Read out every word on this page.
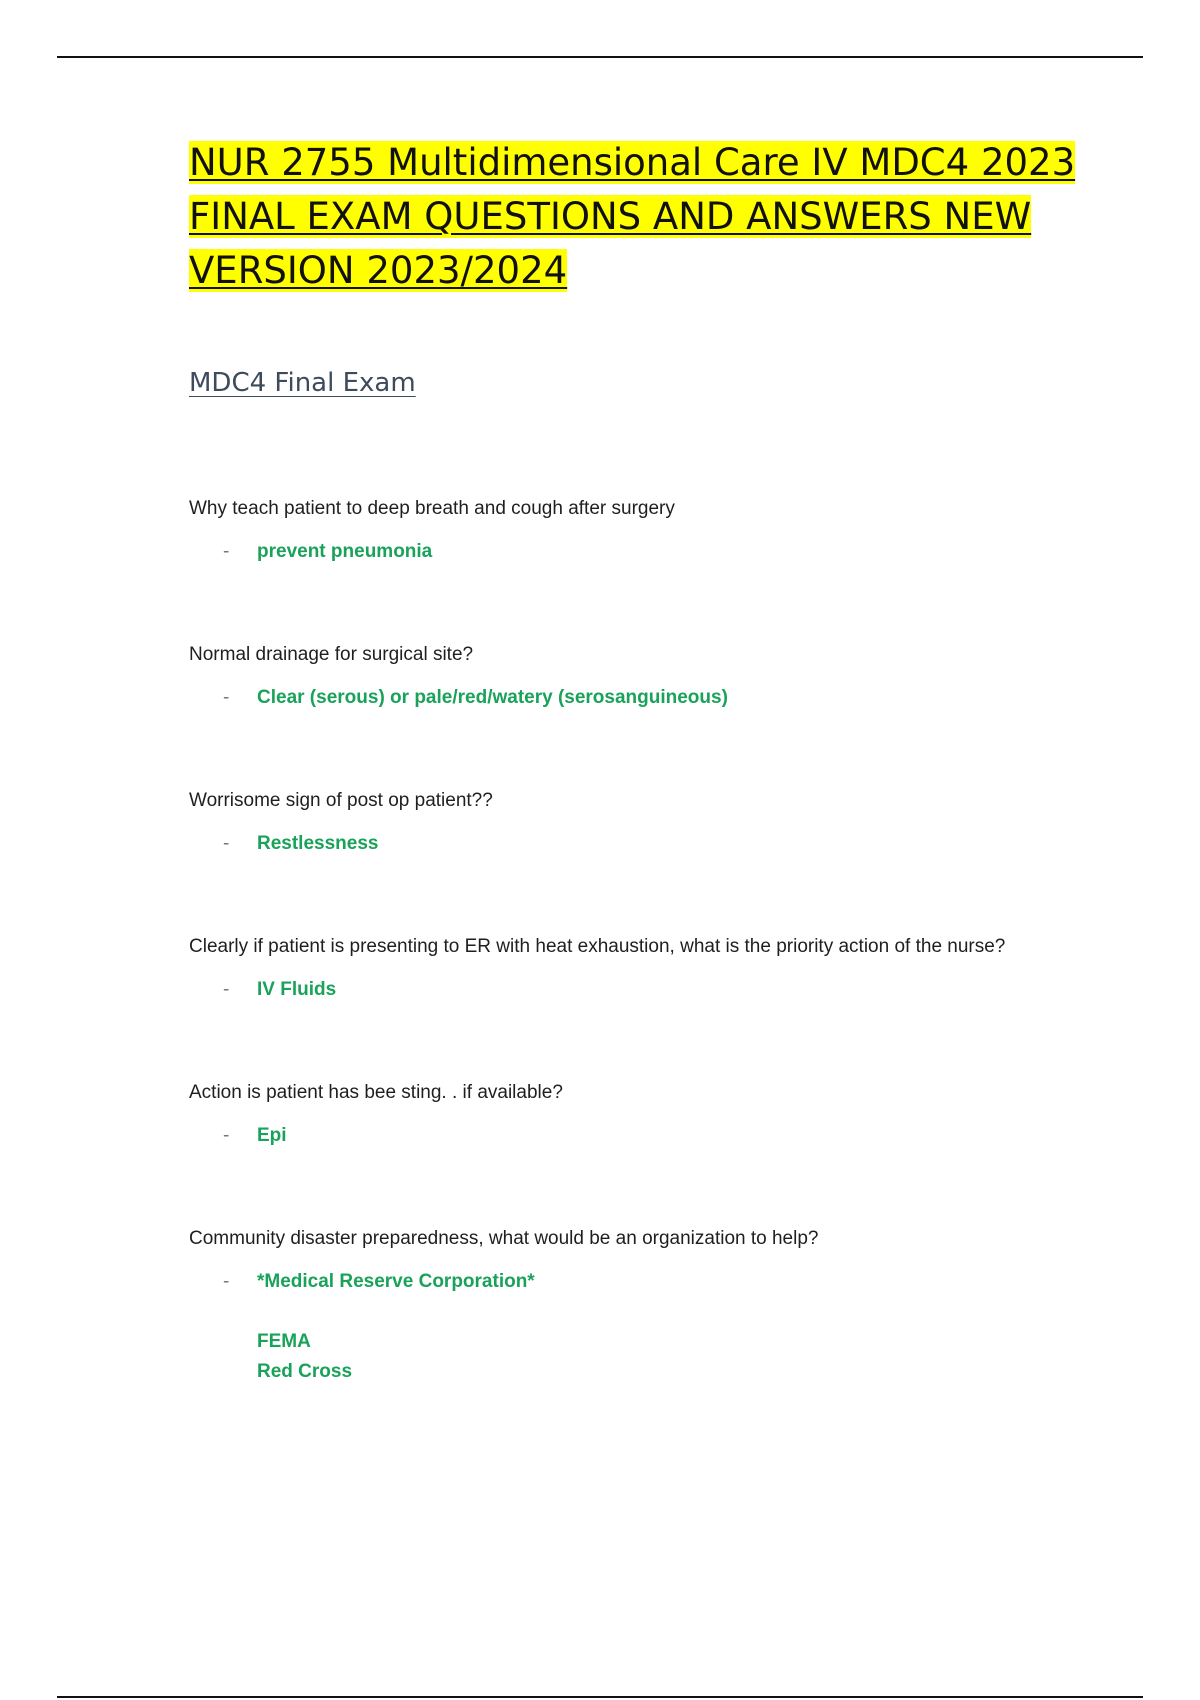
NUR 2755 Multidimensional Care IV MDC4 2023
FINAL EXAM QUESTIONS AND ANSWERS NEW
VERSION 2023/2024
MDC4 Final Exam

Why teach patient to deep breath and cough after surgery

- prevent pneumonia

Normal drainage for surgical site?

- Clear (serous) or pale/red/watery (serosanguineous)

Worrisome sign of post op patient??

- Restlessness

Clearly if patient is presenting to ER with heat exhaustion, what is the priority action of the nurse?

- IV Fluids

Action is patient has bee sting. . if available?

- Epi

Community disaster preparedness, what would be an organization to help?

- *Medical Reserve Corporation*
FEMA
Red Cross
